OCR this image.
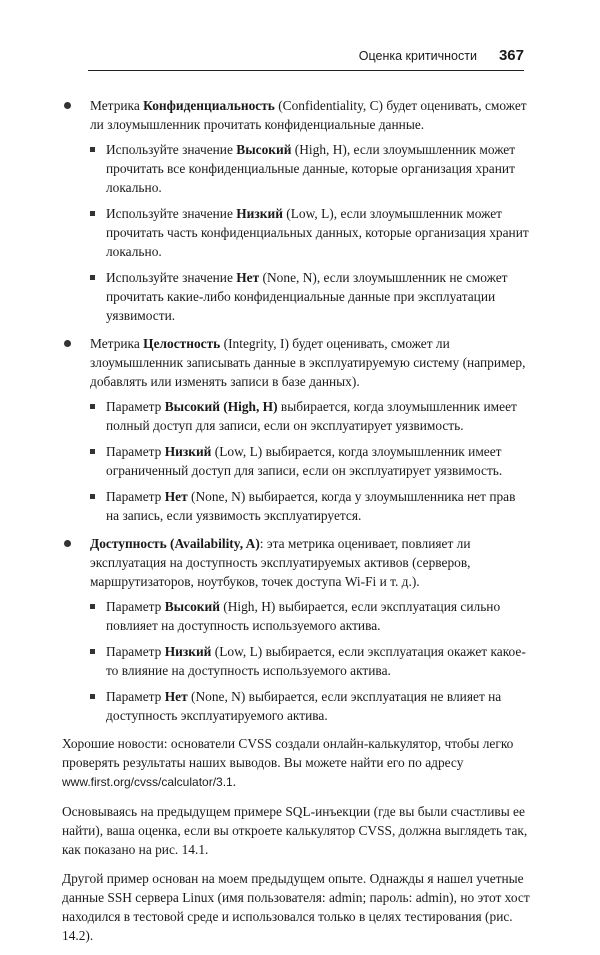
Оценка критичности 367
Метрика Конфиденциальность (Confidentiality, C) будет оценивать, сможет ли злоумышленник прочитать конфиденциальные данные.
Используйте значение Высокий (High, H), если злоумышленник может прочитать все конфиденциальные данные, которые организация хранит локально.
Используйте значение Низкий (Low, L), если злоумышленник может прочитать часть конфиденциальных данных, которые организация хранит локально.
Используйте значение Нет (None, N), если злоумышленник не сможет прочитать какие-либо конфиденциальные данные при эксплуатации уязвимости.
Метрика Целостность (Integrity, I) будет оценивать, сможет ли злоумышленник записывать данные в эксплуатируемую систему (например, добавлять или изменять записи в базе данных).
Параметр Высокий (High, H) выбирается, когда злоумышленник имеет полный доступ для записи, если он эксплуатирует уязвимость.
Параметр Низкий (Low, L) выбирается, когда злоумышленник имеет ограниченный доступ для записи, если он эксплуатирует уязвимость.
Параметр Нет (None, N) выбирается, когда у злоумышленника нет прав на запись, если уязвимость эксплуатируется.
Доступность (Availability, A): эта метрика оценивает, повлияет ли эксплуатация на доступность эксплуатируемых активов (серверов, маршрутизаторов, ноутбуков, точек доступа Wi-Fi и т. д.).
Параметр Высокий (High, H) выбирается, если эксплуатация сильно повлияет на доступность используемого актива.
Параметр Низкий (Low, L) выбирается, если эксплуатация окажет какое-то влияние на доступность используемого актива.
Параметр Нет (None, N) выбирается, если эксплуатация не влияет на доступность эксплуатируемого актива.

Хорошие новости: основатели CVSS создали онлайн-калькулятор, чтобы легко проверять результаты наших выводов. Вы можете найти его по адресу www.first.org/cvss/calculator/3.1.

Основываясь на предыдущем примере SQL-инъекции (где вы были счастливы ее найти), ваша оценка, если вы откроете калькулятор CVSS, должна выглядеть так, как показано на рис. 14.1.

Другой пример основан на моем предыдущем опыте. Однажды я нашел учетные данные SSH сервера Linux (имя пользователя: admin; пароль: admin), но этот хост находился в тестовой среде и использовался только в целях тестирования (рис. 14.2).
